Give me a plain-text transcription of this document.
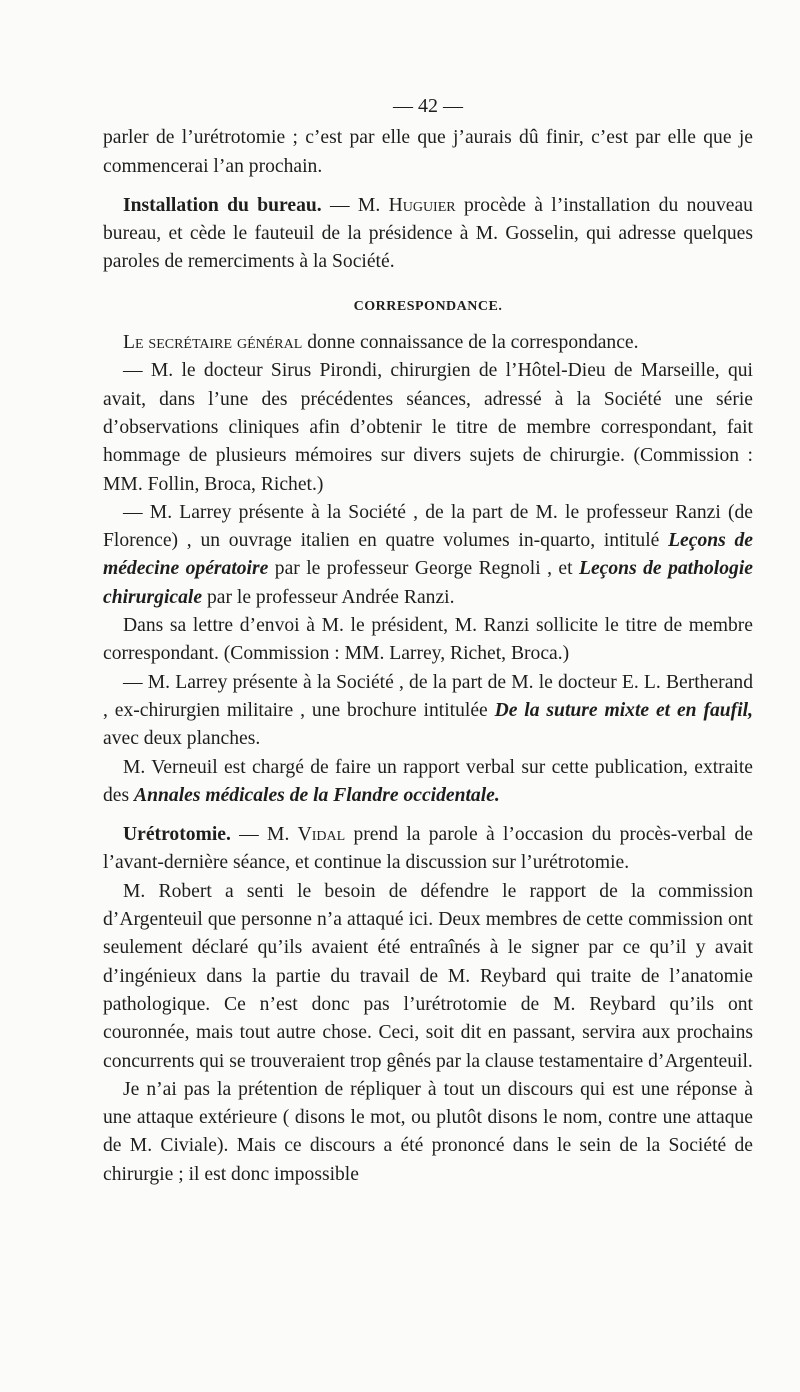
— 42 —

parler de l’urétrotomie ; c’est par elle que j’aurais dû finir, c’est par elle que je commencerai l’an prochain.

Installation du bureau. — M. Huguier procède à l’installation du nouveau bureau, et cède le fauteuil de la présidence à M. Gosselin, qui adresse quelques paroles de remerciments à la Société.

CORRESPONDANCE.

Le secrétaire général donne connaissance de la correspondance.

— M. le docteur Sirus Pirondi, chirurgien de l’Hôtel-Dieu de Marseille, qui avait, dans l’une des précédentes séances, adressé à la Société une série d’observations cliniques afin d’obtenir le titre de membre correspondant, fait hommage de plusieurs mémoires sur divers sujets de chirurgie. (Commission : MM. Follin, Broca, Richet.)

— M. Larrey présente à la Société , de la part de M. le professeur Ranzi (de Florence) , un ouvrage italien en quatre volumes in-quarto, intitulé Leçons de médecine opératoire par le professeur George Regnoli , et Leçons de pathologie chirurgicale par le professeur Andrée Ranzi.

Dans sa lettre d’envoi à M. le président, M. Ranzi sollicite le titre de membre correspondant. (Commission : MM. Larrey, Richet, Broca.)

— M. Larrey présente à la Société , de la part de M. le docteur E. L. Bertherand , ex-chirurgien militaire , une brochure intitulée De la suture mixte et en faufil, avec deux planches.

M. Verneuil est chargé de faire un rapport verbal sur cette publication, extraite des Annales médicales de la Flandre occidentale.

Urétrotomie. — M. Vidal prend la parole à l’occasion du procès-verbal de l’avant-dernière séance, et continue la discussion sur l’urétrotomie.

M. Robert a senti le besoin de défendre le rapport de la commission d’Argenteuil que personne n’a attaqué ici. Deux membres de cette commission ont seulement déclaré qu’ils avaient été entraînés à le signer par ce qu’il y avait d’ingénieux dans la partie du travail de M. Reybard qui traite de l’anatomie pathologique. Ce n’est donc pas l’urétrotomie de M. Reybard qu’ils ont couronnée, mais tout autre chose. Ceci, soit dit en passant, servira aux prochains concurrents qui se trouveraient trop gênés par la clause testamentaire d’Argenteuil.

Je n’ai pas la prétention de répliquer à tout un discours qui est une réponse à une attaque extérieure ( disons le mot, ou plutôt disons le nom, contre une attaque de M. Civiale). Mais ce discours a été prononcé dans le sein de la Société de chirurgie ; il est donc impossible
